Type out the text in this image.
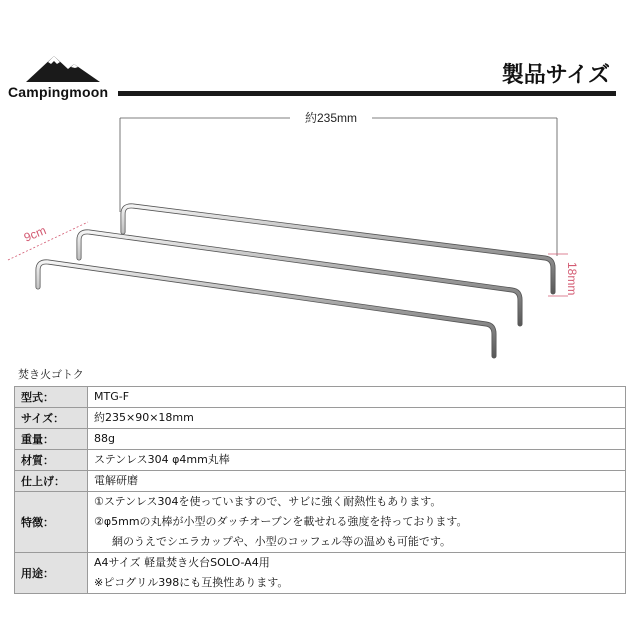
Campingmoon
製品サイズ
約235mm
9cm
18mm
焚き火ゴトク
型式：	MTG-F

サイズ：	約235×90×18mm

重量：	88g

材質：	ステンレス304 φ4mm丸棒

仕上げ：	電解研磨

特徴：	①ステンレス304を使っていますので、サビに強く耐熱性もあります。
②φ5mmの丸棒が小型のダッチオーブンを載せれる強度を持っております。
網のうえでシエラカップや、小型のコッフェル等の温めも可能です。

用途：	A4サイズ 軽量焚き火台SOLO-A4用
※ピコグリル398にも互換性あります。
